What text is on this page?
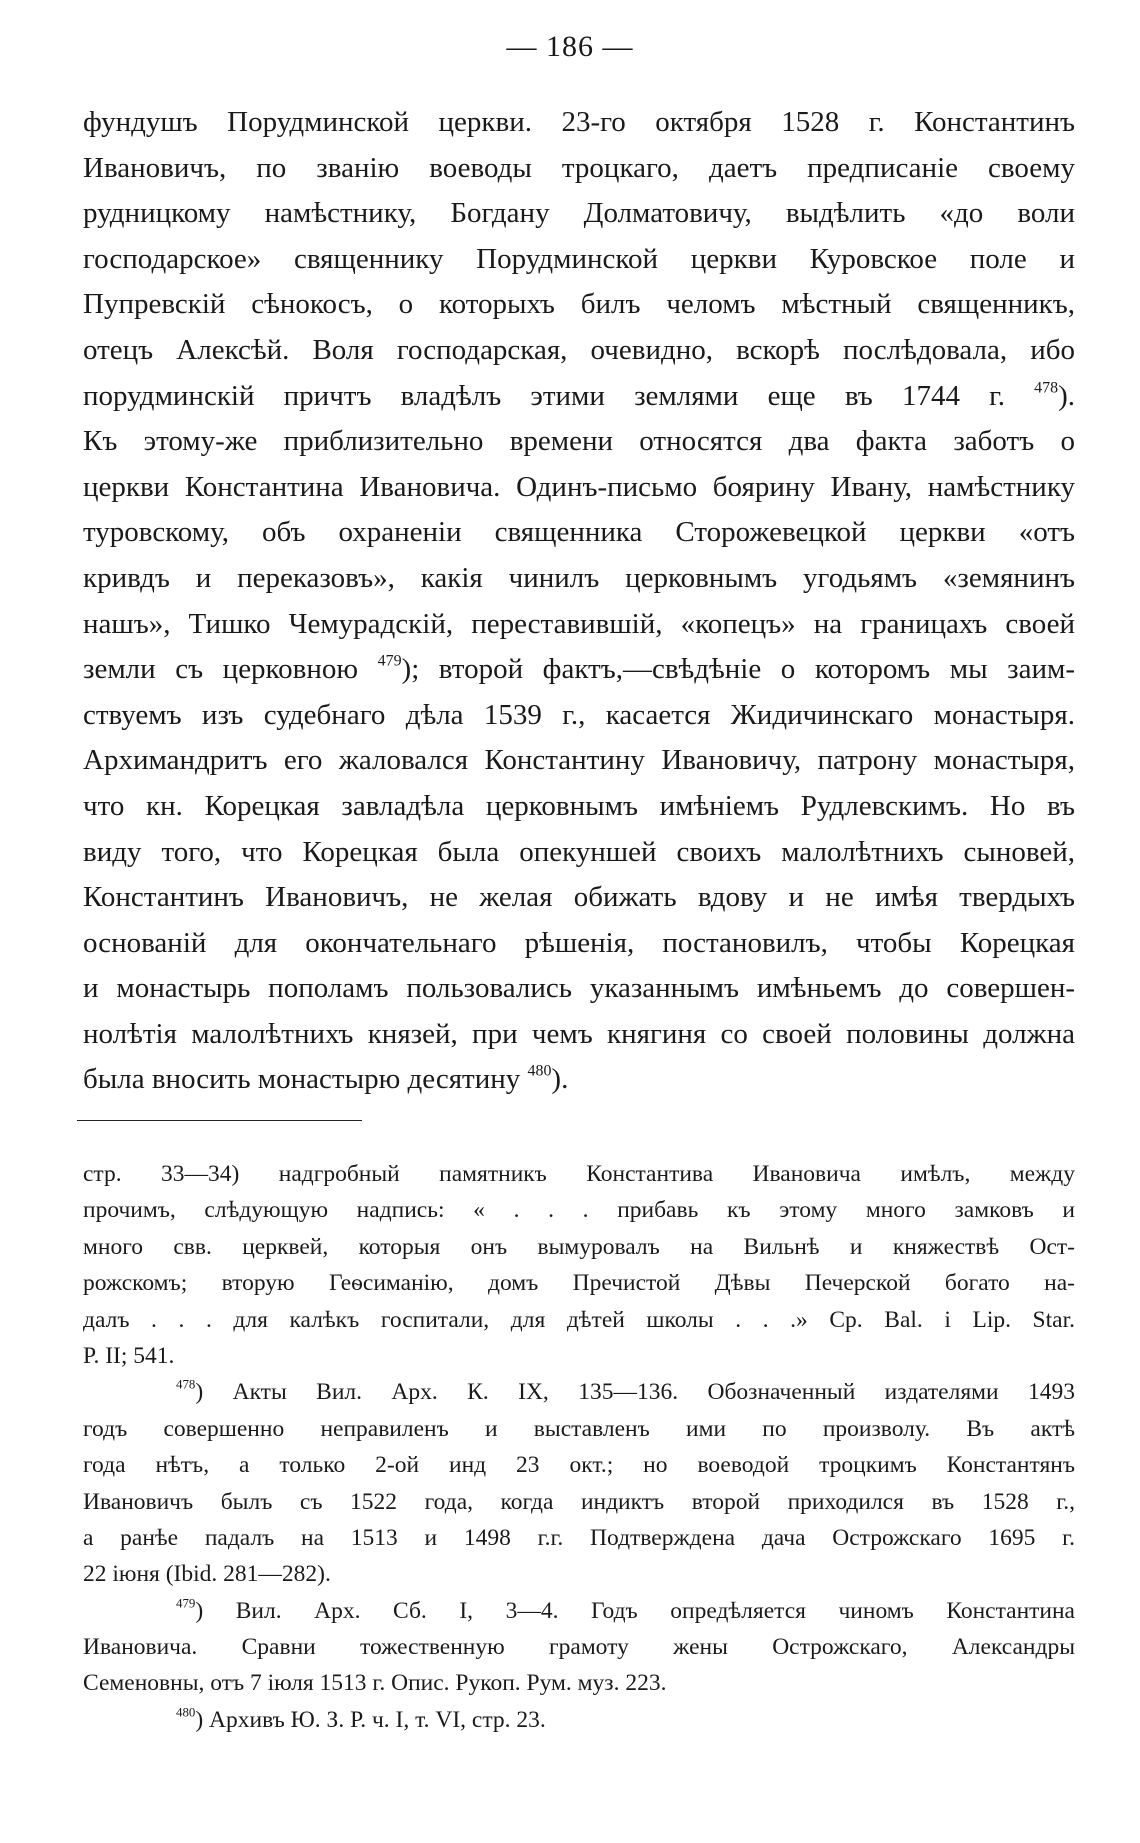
— 186 —
фундушъ Порудминской церкви. 23-го октября 1528 г. Константинъ
Ивановичъ, по званію воеводы троцкаго, даетъ предписаніе своему
рудницкому намѣстнику, Богдану Долматовичу, выдѣлить «до воли
господарское» священнику Порудминской церкви Куровское поле и
Пупревскій сѣнокосъ, о которыхъ билъ челомъ мѣстный священникъ,
отецъ Алексѣй. Воля господарская, очевидно, вскорѣ послѣдовала, ибо
порудминскій причтъ владѣлъ этими землями еще въ 1744 г. $^{478}$).
Къ этому-же приблизительно времени относятся два факта заботъ о
церкви Константина Ивановича. Одинъ-письмо боярину Ивану, намѣстнику
туровскому, объ охраненіи священника Сторожевецкой церкви «отъ
кривдъ и переказовъ», какія чинилъ церковнымъ угодьямъ «земянинъ
нашъ», Тишко Чемурадскій, переставившій, «копецъ» на границахъ своей
земли съ церковною $^{479}$); второй фактъ,—свѣдѣніе о которомъ мы заим-
ствуемъ изъ судебнаго дѣла 1539 г., касается Жидичинскаго монастыря.
Архимандритъ его жаловался Константину Ивановичу, патрону монастыря,
что кн. Корецкая завладѣла церковнымъ имѣніемъ Рудлевскимъ. Но въ
виду того, что Корецкая была опекуншей своихъ малолѣтнихъ сыновей,
Константинъ Ивановичъ, не желая обижать вдову и не имѣя твердыхъ
основаній для окончательнаго рѣшенія, постановилъ, чтобы Корецкая
и монастырь пополамъ пользовались указаннымъ имѣньемъ до совершен-
нолѣтія малолѣтнихъ князей, при чемъ княгиня со своей половины должна
была вносить монастырю десятину $^{480}$).
стр. 33—34) надгробный памятникъ Константива Ивановича имѣлъ, между
прочимъ, слѣдующую надпись: « . . . прибавь къ этому много замковъ и
много свв. церквей, которыя онъ вымуровалъ на Вильнѣ и княжествѣ Ост-
рожскомъ; вторую Геѳсиманію, домъ Пречистой Дѣвы Печерской богато на-
далъ . . . для калѣкъ госпитали, для дѣтей школы . . .» Ср. Bal. i Lip. Star.
P. II; 541.
$^{478}$) Акты Вил. Арх. К. IX, 135—136. Обозначенный издателями 1493
годъ совершенно неправиленъ и выставленъ ими по произволу. Въ актѣ
года нѣтъ, а только 2-ой инд 23 окт.; но воеводой троцкимъ Константянъ
Ивановичъ былъ съ 1522 года, когда индиктъ второй приходился въ 1528 г.,
а ранѣе падалъ на 1513 и 1498 г.г. Подтверждена дача Острожскаго 1695 г.
22 іюня (Ibid. 281—282).
$^{479}$) Вил. Арх. Сб. I, 3—4. Годъ опредѣляется чиномъ Константина
Ивановича. Сравни тожественную грамоту жены Острожскаго, Александры
Семеновны, отъ 7 іюля 1513 г. Опис. Рукоп. Рум. муз. 223.
$^{480}$) Архивъ Ю. З. Р. ч. I, т. VI, стр. 23.
